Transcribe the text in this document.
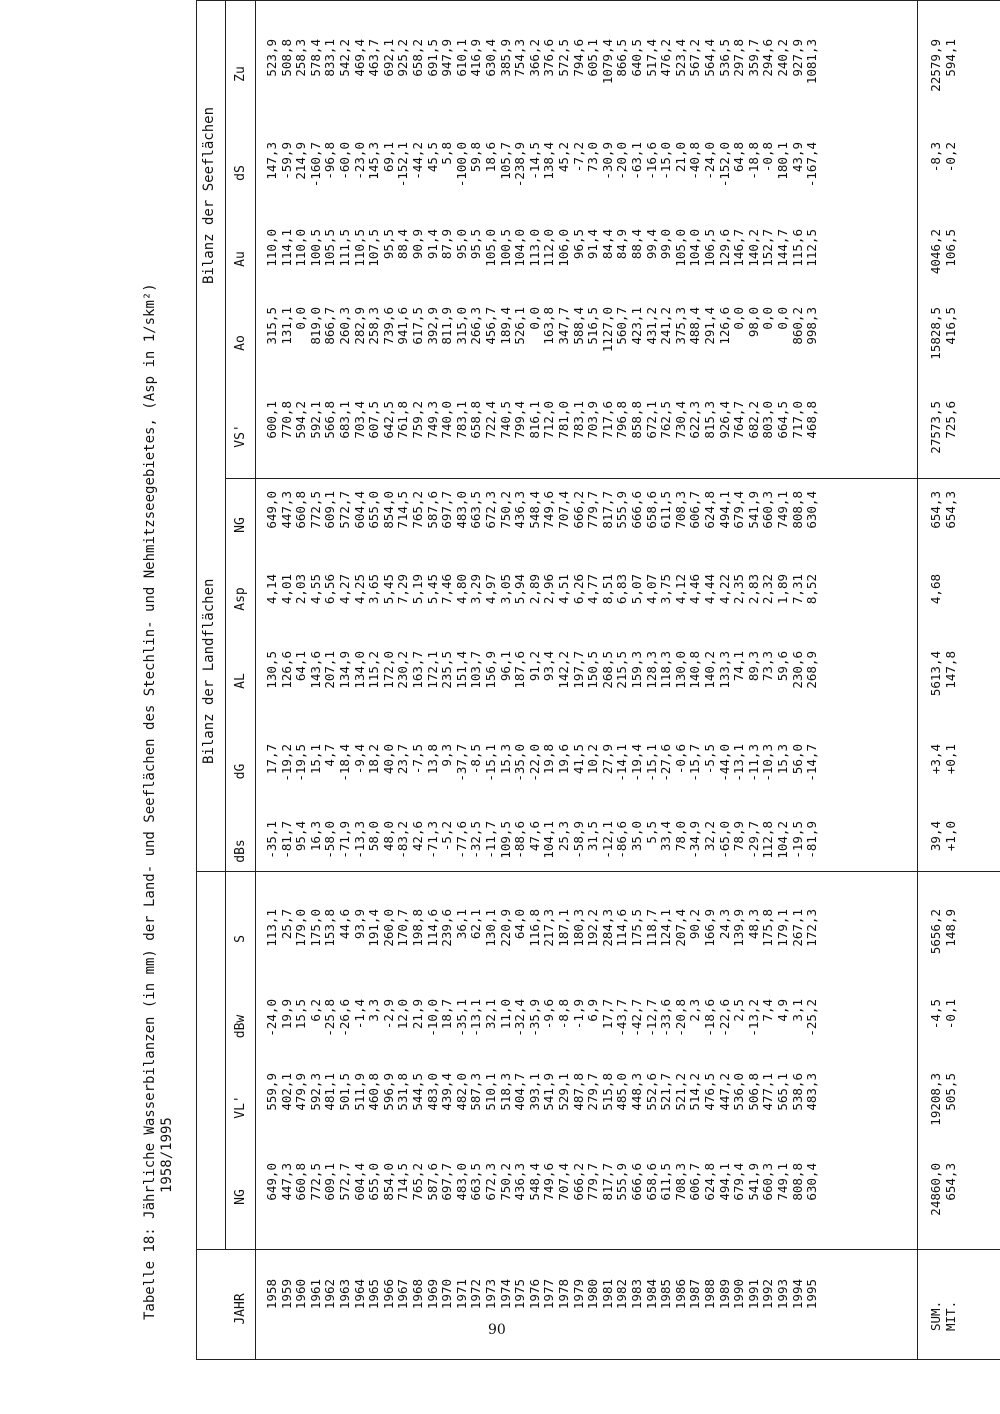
Tabelle 18: Jährliche Wasserbilanzen (in mm) der Land- und Seeflächen des Stechlin- und Nehmitzseegebietes, (Asp in 1/skm²)
1958/1995
Bilanz der Landflächen
Bilanz der Seeflächen
JAHR
NG
VL'
dBw
S
dBs
dG
AL
Asp
NG
VS'
Ao
Au
dS
Zu
1958
649,0
559,9
-24,0
113,1
-35,1
17,7
130,5
4,14
649,0
600,1
315,5
110,0
147,3
523,9
1959
447,3
402,1
19,9
25,7
-81,7
-19,2
126,6
4,01
447,3
770,8
131,1
114,1
-59,9
508,8
1960
660,8
479,9
15,5
179,0
95,4
-19,5
64,1
2,03
660,8
594,2
0,0
110,0
214,9
258,3
1961
772,5
592,3
6,2
175,0
16,3
15,1
143,6
4,55
772,5
592,1
819,0
100,5
-160,7
578,4
1962
609,1
481,1
-25,8
153,8
-58,0
4,7
207,1
6,56
609,1
566,8
866,7
105,5
-96,8
833,1
1963
572,7
501,5
-26,6
44,6
-71,9
-18,4
134,9
4,27
572,7
683,1
260,3
111,5
-60,0
542,2
1964
604,4
511,9
-1,4
93,9
-13,3
-9,4
134,0
4,25
604,4
703,4
282,9
110,5
-23,0
469,4
1965
655,0
460,8
3,3
191,4
58,0
18,2
115,2
3,65
655,0
607,5
258,3
107,5
145,3
463,7
1966
854,0
596,9
-2,9
260,0
48,0
40,0
172,0
5,45
854,0
642,5
739,6
95,5
69,1
692,1
1967
714,5
531,8
12,0
170,7
-83,2
23,7
230,2
7,29
714,5
761,8
941,6
88,4
-152,1
925,2
1968
765,2
544,5
21,9
198,8
42,6
-7,5
163,7
5,19
765,2
759,2
617,5
90,9
-44,2
658,2
1969
587,6
483,0
-10,0
114,6
-71,3
13,8
172,1
5,45
587,6
749,3
392,9
91,4
45,5
691,5
1970
697,7
439,4
18,7
239,6
-5,2
9,3
235,5
7,46
697,7
740,0
811,9
87,9
5,8
947,9
1971
483,0
482,0
-35,1
36,1
-77,6
-37,7
151,4
4,80
483,0
783,1
315,0
95,0
-100,0
610,1
1972
663,5
587,3
-13,1
62,1
-32,5
-8,5
103,7
3,29
663,5
658,8
266,3
95,5
59,8
416,9
1973
672,3
510,1
32,1
130,1
-11,7
-15,1
156,9
4,97
672,3
722,4
456,7
105,0
18,6
630,4
1974
750,2
518,3
11,0
220,9
109,5
15,3
96,1
3,05
750,2
740,5
189,4
100,5
105,7
385,9
1975
436,3
404,7
-32,4
64,0
-88,6
-35,0
187,6
5,94
436,3
799,4
526,1
104,0
-238,9
754,3
1976
548,4
393,1
-35,9
116,8
47,6
-22,0
91,2
2,89
548,4
816,1
0,0
113,0
-14,5
366,2
1977
749,6
541,9
-9,6
217,3
104,1
19,8
93,4
2,96
749,6
712,0
163,8
112,0
138,4
376,6
1978
707,4
529,1
-8,8
187,1
25,3
19,6
142,2
4,51
707,4
781,0
347,7
106,0
45,2
572,5
1979
666,2
487,8
-1,9
180,3
-58,9
41,5
197,7
6,26
666,2
783,1
588,4
96,5
-7,2
794,6
1980
779,7
279,7
6,9
192,2
31,5
10,2
150,5
4,77
779,7
703,9
516,5
91,4
73,0
605,1
1981
817,7
515,8
17,7
284,3
-12,1
27,9
268,5
8,51
817,7
717,6
1127,0
84,4
-30,9
1079,4
1982
555,9
485,0
-43,7
114,6
-86,6
-14,1
215,5
6,83
555,9
796,8
560,7
84,9
-20,0
866,5
1983
666,6
448,3
-42,7
175,5
35,0
-19,4
159,3
5,07
666,6
858,8
423,1
88,4
-63,1
640,5
1984
658,6
552,6
-12,7
118,7
5,5
-15,1
128,3
4,07
658,6
672,1
431,2
99,4
-16,6
517,4
1985
611,5
521,7
-33,6
124,1
33,4
-27,6
118,3
3,75
611,5
762,5
241,2
99,0
-15,0
476,2
1986
708,3
521,2
-20,8
207,4
78,0
-0,6
130,0
4,12
708,3
730,4
375,3
105,0
21,0
523,4
1987
606,7
514,2
2,3
90,2
-34,9
-15,7
140,8
4,46
606,7
622,3
488,4
104,0
-40,8
567,2
1988
624,8
476,5
-18,6
166,9
32,2
-5,5
140,2
4,44
624,8
815,3
291,4
106,5
-24,0
564,4
1989
494,1
447,2
-22,6
24,3
-65,0
-44,0
133,3
4,22
494,1
926,4
126,6
129,6
-152,0
536,5
1990
679,4
536,0
2,5
139,9
78,9
-13,1
74,1
2,35
679,4
764,7
0,0
146,7
64,8
297,8
1991
541,9
506,8
-13,2
48,3
-29,7
-11,3
89,3
2,83
541,9
682,2
98,0
140,2
-18,8
359,7
1992
660,3
477,1
7,4
175,8
112,8
-10,3
73,3
2,32
660,3
803,0
0,0
152,7
-0,8
294,6
1993
749,1
565,1
4,9
179,1
104,2
15,3
59,6
1,89
749,1
664,5
0,0
144,7
180,1
240,2
1994
808,8
538,6
3,1
267,1
-19,5
56,0
230,6
7,31
808,8
717,0
860,2
115,6
43,9
927,9
1995
630,4
483,3
-25,2
172,3
-81,9
-14,7
268,9
8,52
630,4
468,8
998,3
112,5
-167,4
1081,3
SUM. MIT.
24860,0 654,3
19208,3 505,5
-4,5 -0,1
5656,2 148,9
39,4 +1,0
+3,4 +0,1
5613,4 147,8
4,68
654,3 654,3
27573,5 725,6
15828,5 416,5
4046,2 106,5
-8,3 -0,2
22579,9 594,1
90
